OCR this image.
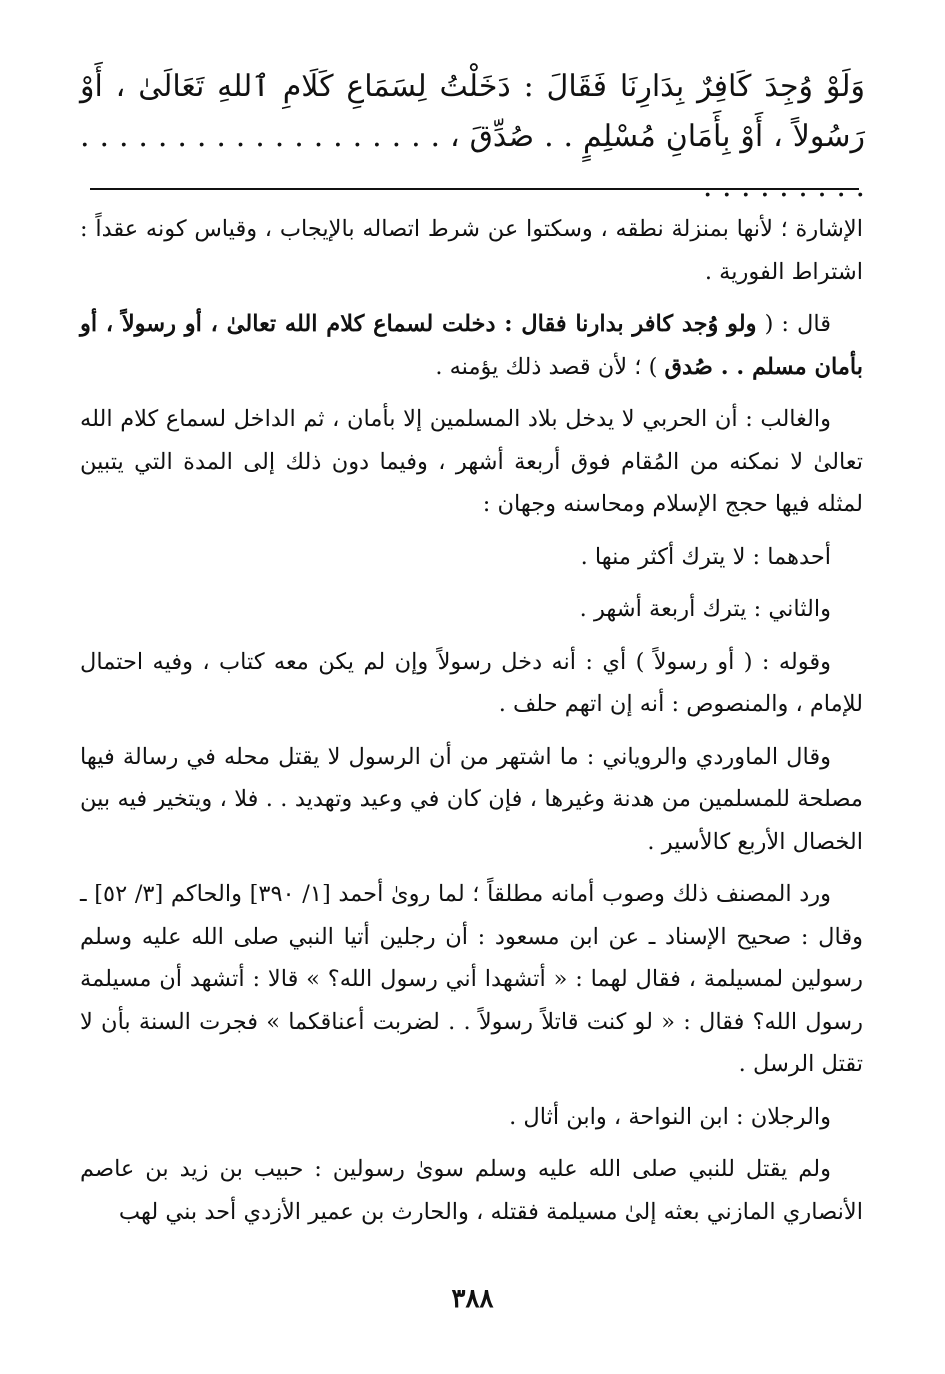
وَلَوْ وُجِدَ كَافِرٌ بِدَارِنَا فَقَالَ : دَخَلْتُ لِسَمَاعِ كَلَامِ ٱللهِ تَعَالَىٰ ، أَوْ رَسُولاً ، أَوْ بِأَمَانِ مُسْلِمٍ . . صُدِّقَ ، . . . . . . . . . . . . . . . . . . . . . . . . . . . .

الإشارة ؛ لأنها بمنزلة نطقه ، وسكتوا عن شرط اتصاله بالإيجاب ، وقياس كونه عقداً : اشتراط الفورية .

قال : ( ولو وُجد كافر بدارنا فقال : دخلت لسماع كلام الله تعالىٰ ، أو رسولاً ، أو بأمان مسلم . . صُدق ) ؛ لأن قصد ذلك يؤمنه .

والغالب : أن الحربي لا يدخل بلاد المسلمين إلا بأمان ، ثم الداخل لسماع كلام الله تعالىٰ لا نمكنه من المُقام فوق أربعة أشهر ، وفيما دون ذلك إلى المدة التي يتبين لمثله فيها حجج الإسلام ومحاسنه وجهان :

أحدهما : لا يترك أكثر منها .

والثاني : يترك أربعة أشهر .

وقوله : ( أو رسولاً ) أي : أنه دخل رسولاً وإن لم يكن معه كتاب ، وفيه احتمال للإمام ، والمنصوص : أنه إن اتهم حلف .

وقال الماوردي والروياني : ما اشتهر من أن الرسول لا يقتل محله في رسالة فيها مصلحة للمسلمين من هدنة وغيرها ، فإن كان في وعيد وتهديد . . فلا ، ويتخير فيه بين الخصال الأربع كالأسير .

ورد المصنف ذلك وصوب أمانه مطلقاً ؛ لما روىٰ أحمد [١/ ٣٩٠] والحاكم [٣/ ٥٢] ـ وقال : صحيح الإسناد ـ عن ابن مسعود : أن رجلين أتيا النبي صلى الله عليه وسلم رسولين لمسيلمة ، فقال لهما : « أتشهدا أني رسول الله؟ » قالا : أتشهد أن مسيلمة رسول الله؟ فقال : « لو كنت قاتلاً رسولاً . . لضربت أعناقكما » فجرت السنة بأن لا تقتل الرسل .

والرجلان : ابن النواحة ، وابن أثال .

ولم يقتل للنبي صلى الله عليه وسلم سوىٰ رسولين : حبيب بن زيد بن عاصم الأنصاري المازني بعثه إلىٰ مسيلمة فقتله ، والحارث بن عمير الأزدي أحد بني لهب

٣٨٨
